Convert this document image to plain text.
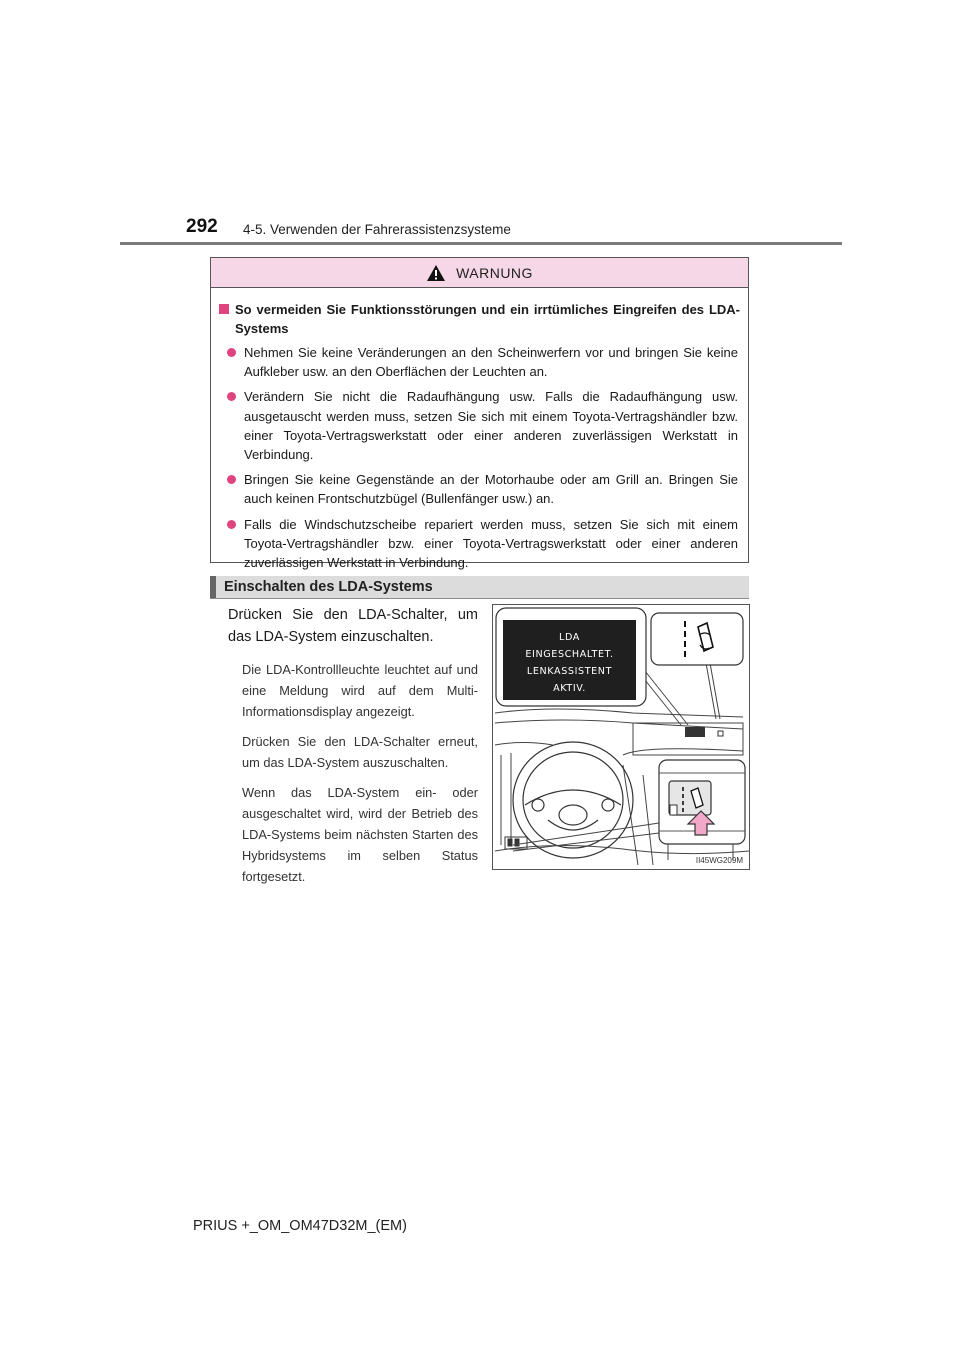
292 4-5. Verwenden der Fahrerassistenzsysteme
WARNUNG
So vermeiden Sie Funktionsstörungen und ein irrtümliches Eingreifen des LDA-Systems
Nehmen Sie keine Veränderungen an den Scheinwerfern vor und bringen Sie keine Aufkleber usw. an den Oberflächen der Leuchten an.
Verändern Sie nicht die Radaufhängung usw. Falls die Radaufhängung usw. ausgetauscht werden muss, setzen Sie sich mit einem Toyota-Vertragshändler bzw. einer Toyota-Vertragswerkstatt oder einer anderen zuverlässigen Werkstatt in Verbindung.
Bringen Sie keine Gegenstände an der Motorhaube oder am Grill an. Bringen Sie auch keinen Frontschutzbügel (Bullenfänger usw.) an.
Falls die Windschutzscheibe repariert werden muss, setzen Sie sich mit einem Toyota-Vertragshändler bzw. einer Toyota-Vertragswerkstatt oder einer anderen zuverlässigen Werkstatt in Verbindung.
Einschalten des LDA-Systems

Drücken Sie den LDA-Schalter, um das LDA-System einzuschalten.

Die LDA-Kontrollleuchte leuchtet auf und eine Meldung wird auf dem Multi-Informationsdisplay angezeigt.

Drücken Sie den LDA-Schalter erneut, um das LDA-System auszuschalten.

Wenn das LDA-System ein- oder ausgeschaltet wird, wird der Betrieb des LDA-Systems beim nächsten Starten des Hybridsystems im selben Status fortgesetzt.

LDA
EINGESCHALTET.
LENKASSISTENT
AKTIV.
II45WG209M
PRIUS +_OM_OM47D32M_(EM)
